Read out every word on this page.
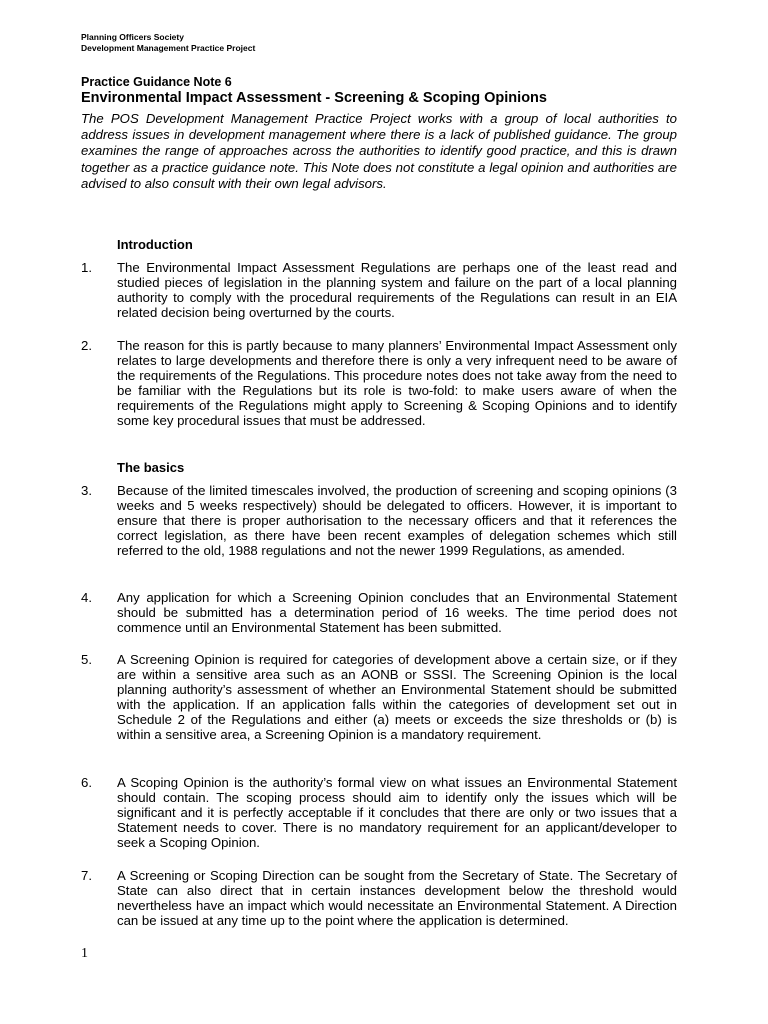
Planning Officers Society
Development Management Practice Project
Practice Guidance Note 6
Environmental Impact Assessment - Screening & Scoping Opinions
The POS Development Management Practice Project works with a group of local authorities to address issues in development management where there is a lack of published guidance. The group examines the range of approaches across the authorities to identify good practice, and this is drawn together as a practice guidance note. This Note does not constitute a legal opinion and authorities are advised to also consult with their own legal advisors.
Introduction
1. The Environmental Impact Assessment Regulations are perhaps one of the least read and studied pieces of legislation in the planning system and failure on the part of a local planning authority to comply with the procedural requirements of the Regulations can result in an EIA related decision being overturned by the courts.
2. The reason for this is partly because to many planners’ Environmental Impact Assessment only relates to large developments and therefore there is only a very infrequent need to be aware of the requirements of the Regulations. This procedure notes does not take away from the need to be familiar with the Regulations but its role is two-fold: to make users aware of when the requirements of the Regulations might apply to Screening & Scoping Opinions and to identify some key procedural issues that must be addressed.
The basics
3. Because of the limited timescales involved, the production of screening and scoping opinions (3 weeks and 5 weeks respectively) should be delegated to officers. However, it is important to ensure that there is proper authorisation to the necessary officers and that it references the correct legislation, as there have been recent examples of delegation schemes which still referred to the old, 1988 regulations and not the newer 1999 Regulations, as amended.
4. Any application for which a Screening Opinion concludes that an Environmental Statement should be submitted has a determination period of 16 weeks. The time period does not commence until an Environmental Statement has been submitted.
5. A Screening Opinion is required for categories of development above a certain size, or if they are within a sensitive area such as an AONB or SSSI. The Screening Opinion is the local planning authority’s assessment of whether an Environmental Statement should be submitted with the application. If an application falls within the categories of development set out in Schedule 2 of the Regulations and either (a) meets or exceeds the size thresholds or (b) is within a sensitive area, a Screening Opinion is a mandatory requirement.
6. A Scoping Opinion is the authority’s formal view on what issues an Environmental Statement should contain. The scoping process should aim to identify only the issues which will be significant and it is perfectly acceptable if it concludes that there are only or two issues that a Statement needs to cover. There is no mandatory requirement for an applicant/developer to seek a Scoping Opinion.
7. A Screening or Scoping Direction can be sought from the Secretary of State. The Secretary of State can also direct that in certain instances development below the threshold would nevertheless have an impact which would necessitate an Environmental Statement. A Direction can be issued at any time up to the point where the application is determined.
1
